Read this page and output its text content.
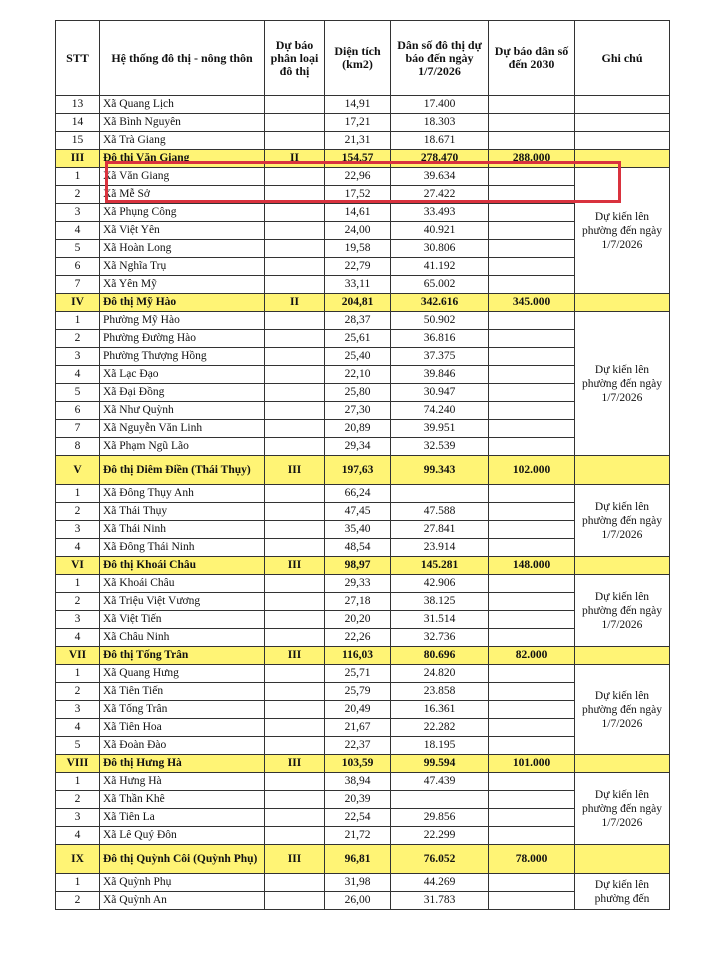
STT	Hệ thống đô thị - nông thôn	Dự báo phân loại đô thị	Diện tích (km2)	Dân số đô thị dự báo đến ngày 1/7/2026	Dự báo dân số đến 2030	Ghi chú
13	Xã Quang Lịch		14,91	17.400		
14	Xã Bình Nguyên		17,21	18.303		
15	Xã Trà Giang		21,31	18.671		
III	Đô thị Văn Giang	II	154,57	278.470	288.000	
1	Xã Văn Giang		22,96	39.634		Dự kiến lên phường đến ngày 1/7/2026
2	Xã Mễ Sở		17,52	27.422		
3	Xã Phụng Công		14,61	33.493		
4	Xã Việt Yên		24,00	40.921		
5	Xã Hoàn Long		19,58	30.806		
6	Xã Nghĩa Trụ		22,79	41.192		
7	Xã Yên Mỹ		33,11	65.002		
IV	Đô thị Mỹ Hào	II	204,81	342.616	345.000	
1	Phường Mỹ Hào		28,37	50.902		Dự kiến lên phường đến ngày 1/7/2026
2	Phường Đường Hào		25,61	36.816		
3	Phường Thượng Hồng		25,40	37.375		
4	Xã Lạc Đạo		22,10	39.846		
5	Xã Đại Đồng		25,80	30.947		
6	Xã Như Quỳnh		27,30	74.240		
7	Xã Nguyễn Văn Linh		20,89	39.951		
8	Xã Phạm Ngũ Lão		29,34	32.539		
V	Đô thị Diêm Điền (Thái Thụy)	III	197,63	99.343	102.000	
1	Xã Đông Thụy Anh		66,24			Dự kiến lên phường đến ngày 1/7/2026
2	Xã Thái Thụy		47,45	47.588		
3	Xã Thái Ninh		35,40	27.841		
4	Xã Đông Thái Ninh		48,54	23.914		
VI	Đô thị Khoái Châu	III	98,97	145.281	148.000	
1	Xã Khoái Châu		29,33	42.906		Dự kiến lên phường đến ngày 1/7/2026
2	Xã Triệu Việt Vương		27,18	38.125		
3	Xã Việt Tiến		20,20	31.514		
4	Xã Châu Ninh		22,26	32.736		
VII	Đô thị Tống Trân	III	116,03	80.696	82.000	
1	Xã Quang Hưng		25,71	24.820		Dự kiến lên phường đến ngày 1/7/2026
2	Xã Tiên Tiến		25,79	23.858		
3	Xã Tống Trân		20,49	16.361		
4	Xã Tiên Hoa		21,67	22.282		
5	Xã Đoàn Đào		22,37	18.195		
VIII	Đô thị Hưng Hà	III	103,59	99.594	101.000	
1	Xã Hưng Hà		38,94	47.439		Dự kiến lên phường đến ngày 1/7/2026
2	Xã Thần Khê		20,39			
3	Xã Tiên La		22,54	29.856		
4	Xã Lê Quý Đôn		21,72	22.299		
IX	Đô thị Quỳnh Côi (Quỳnh Phụ)	III	96,81	76.052	78.000	
1	Xã Quỳnh Phụ		31,98	44.269		Dự kiến lên phường đến
2	Xã Quỳnh An		26,00	31.783		
